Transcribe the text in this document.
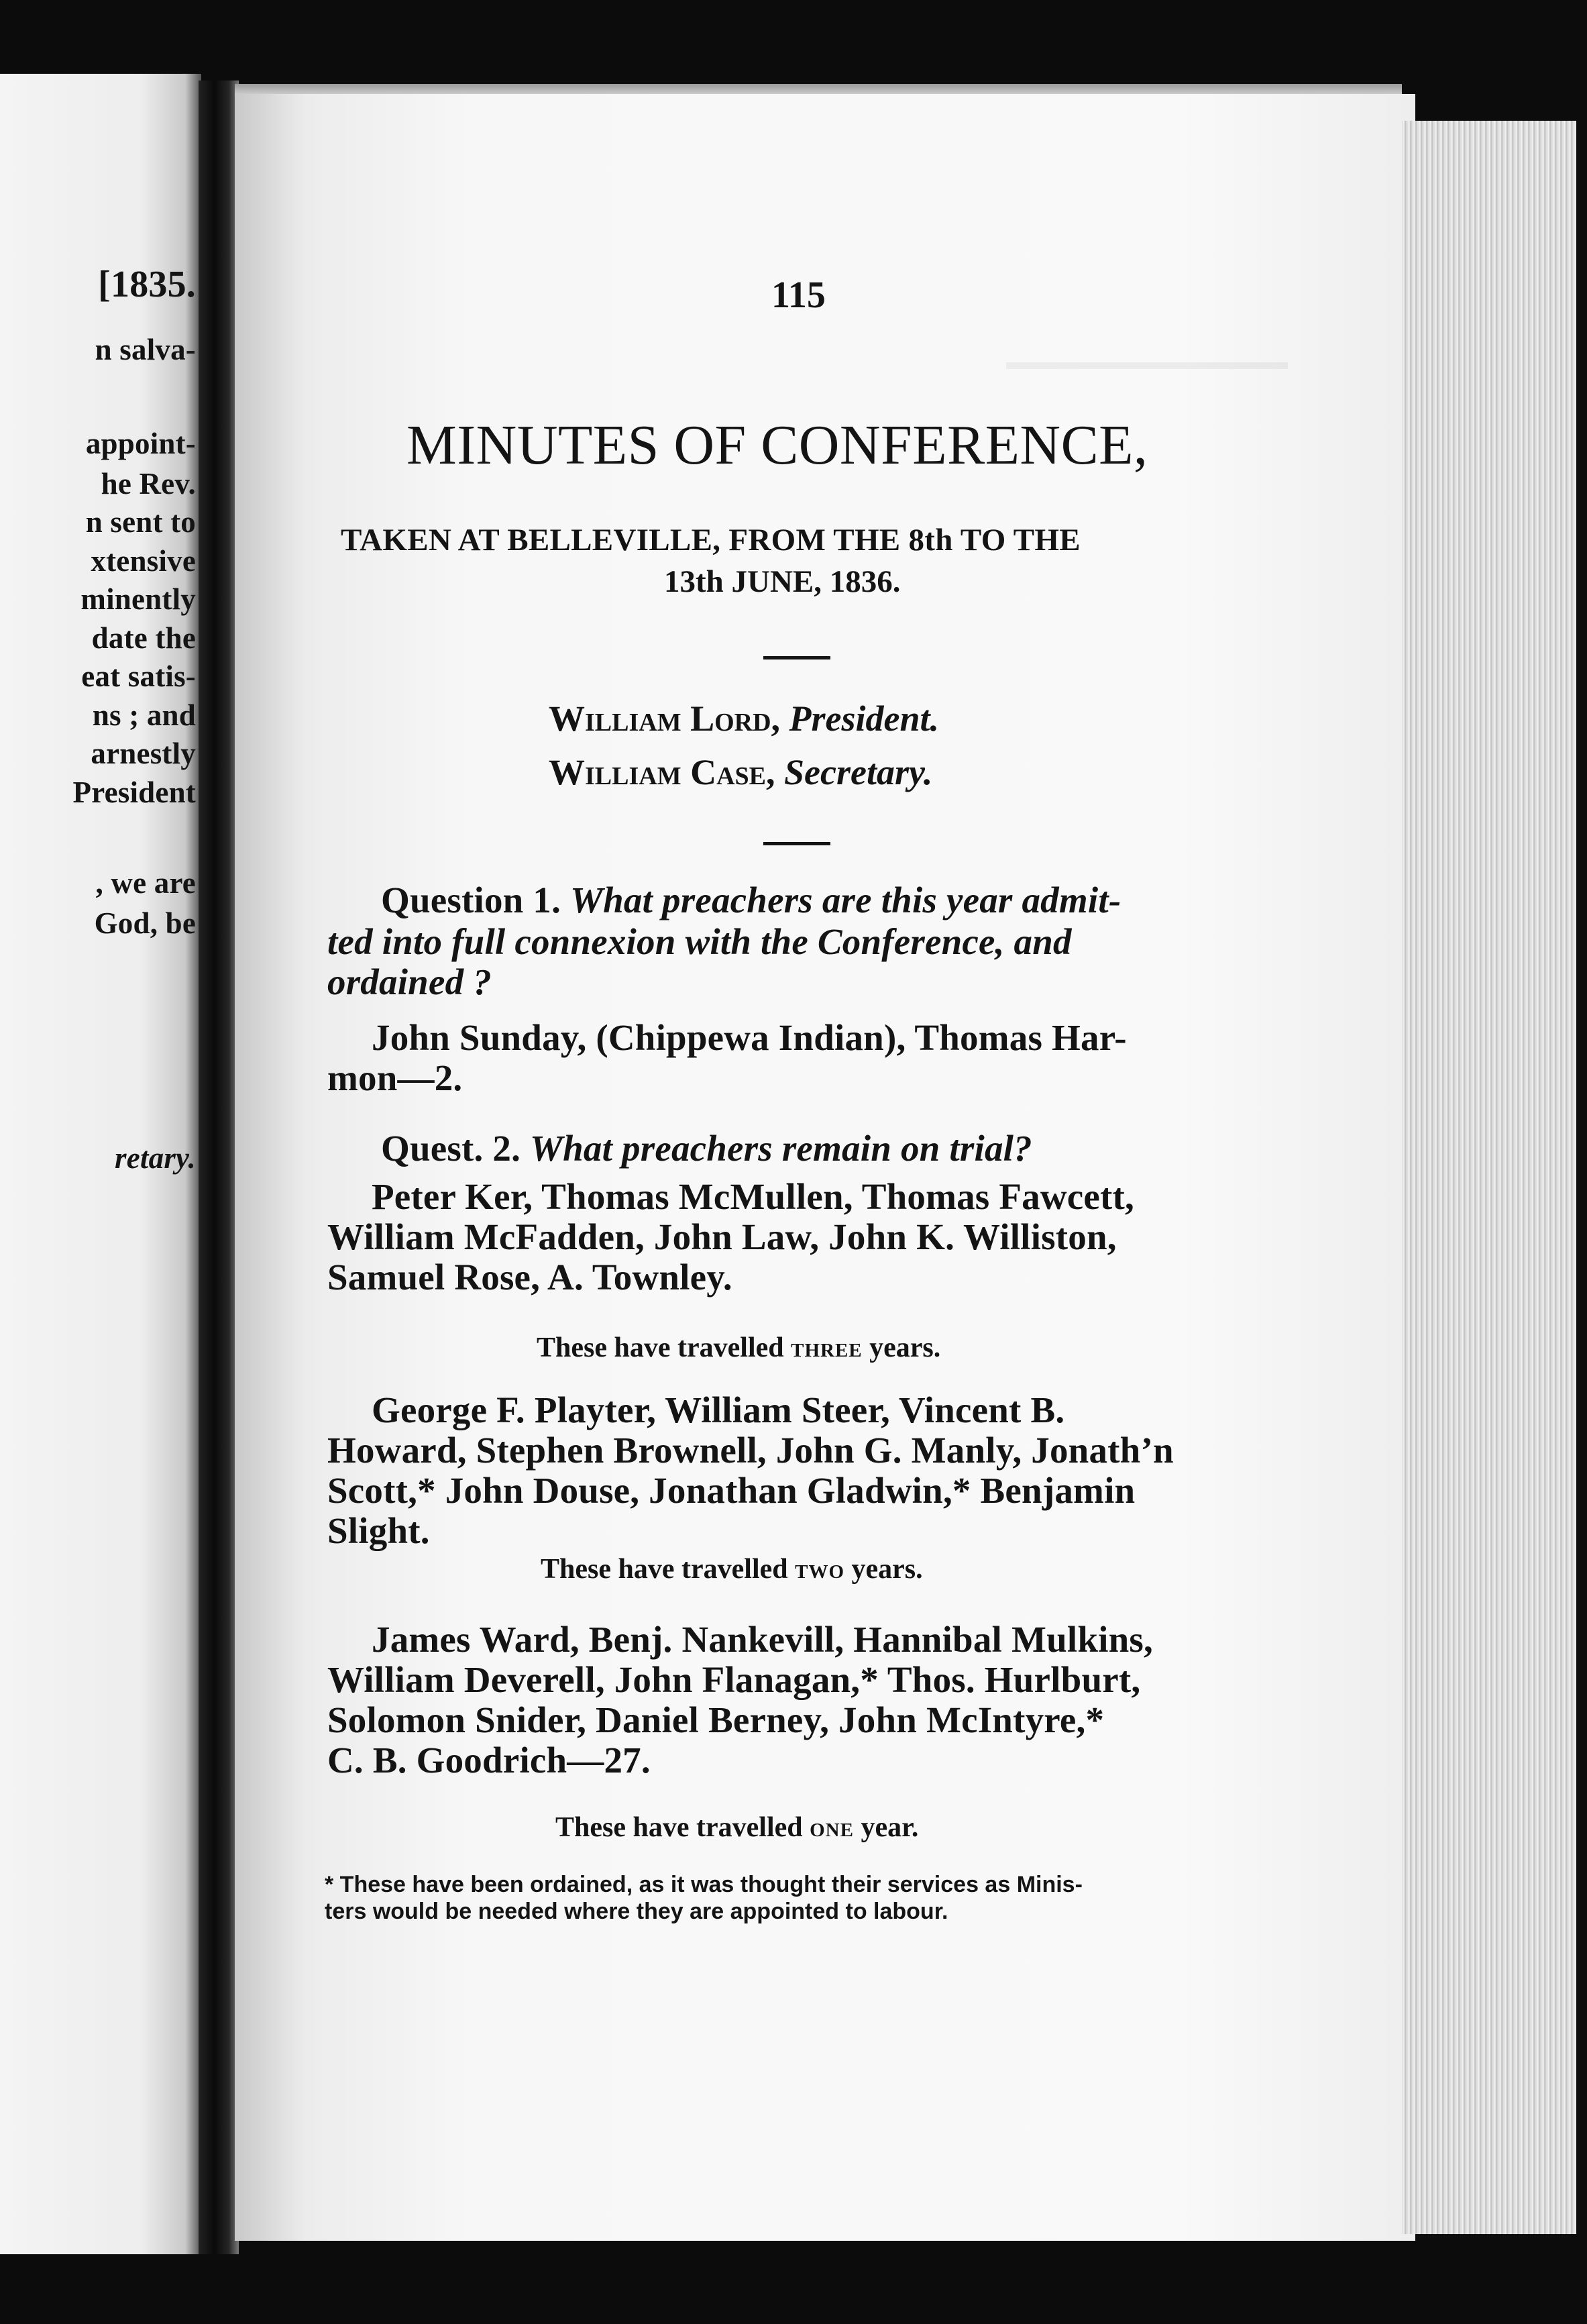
[1835.
n salva-
appoint-
he Rev.
n sent to
xtensive
minently
date the
eat satis-
ns ; and
arnestly
President
, we are
God, be
retary.
115
MINUTES OF CONFERENCE,
TAKEN AT BELLEVILLE, FROM THE 8th TO THE
13th JUNE, 1836.
William Lord, President.
William Case, Secretary.
Question 1. What preachers are this year admit-
ted into full connexion with the Conference, and
ordained ?
John Sunday, (Chippewa Indian), Thomas Har-
mon—2.
Quest. 2. What preachers remain on trial?
Peter Ker, Thomas McMullen, Thomas Fawcett,
William McFadden, John Law, John K. Williston,
Samuel Rose, A. Townley.
These have travelled three years.
George F. Playter, William Steer, Vincent B.
Howard, Stephen Brownell, John G. Manly, Jonath’n
Scott,* John Douse, Jonathan Gladwin,* Benjamin
Slight.
These have travelled two years.
James Ward, Benj. Nankevill, Hannibal Mulkins,
William Deverell, John Flanagan,* Thos. Hurlburt,
Solomon Snider, Daniel Berney, John McIntyre,*
C. B. Goodrich—27.
These have travelled one year.
* These have been ordained, as it was thought their services as Minis-
ters would be needed where they are appointed to labour.
